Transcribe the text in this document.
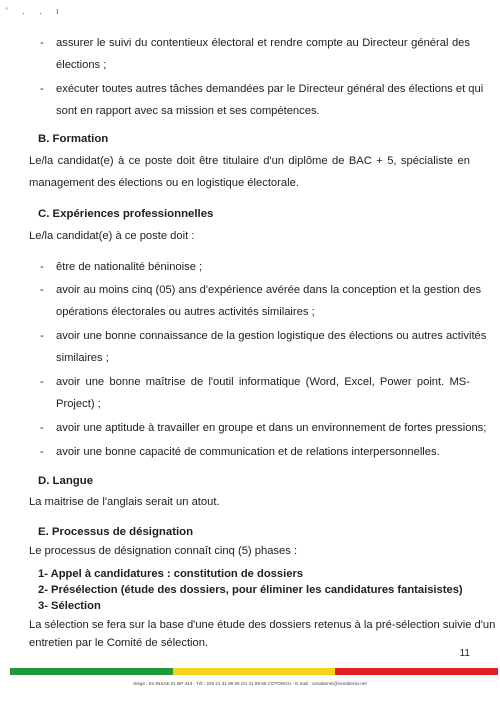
' . . ι
- assurer le suivi du contentieux électoral et rendre compte au Directeur général des
élections ;
- exécuter toutes autres tâches demandées par le Directeur général des élections et qui
sont en rapport avec sa mission et ses compétences.
B. Formation
Le/la candidat(e) à ce poste doit être titulaire d'un diplôme de BAC + 5, spécialiste en
management des élections ou en logistique électorale.
C. Expériences professionnelles
Le/la candidat(e) à ce poste doit :
- être de nationalité béninoise ;
- avoir au moins cinq (05) ans d'expérience avérée dans la conception et la gestion des
opérations électorales ou autres activités similaires ;
- avoir une bonne connaissance de la gestion logistique des élections ou autres activités
similaires ;
- avoir une bonne maîtrise de l'outil informatique (Word, Excel, Power point. MS-
Project) ;
- avoir une aptitude à travailler en groupe et dans un environnement de fortes pressions;
- avoir une bonne capacité de communication et de relations interpersonnelles.
D. Langue
La maitrise de l'anglais serait un atout.
E. Processus de désignation
Le processus de désignation connaît cinq (5) phases :
1- Appel à candidatures : constitution de dossiers
2- Présélection (étude des dossiers, pour éliminer les candidatures fantaisistes)
3- Sélection
La sélection se fera sur la base d'une étude des dossiers retenus à la pré-sélection suivie d'un
entretien par le Comité de sélection.
11
Siège : Ex-INSAE 01 BP 443 - Tél : 229 21 31 89 65 /21 31 89 66 COTONOU - E-mail : cenabenin@cenabenin.net
